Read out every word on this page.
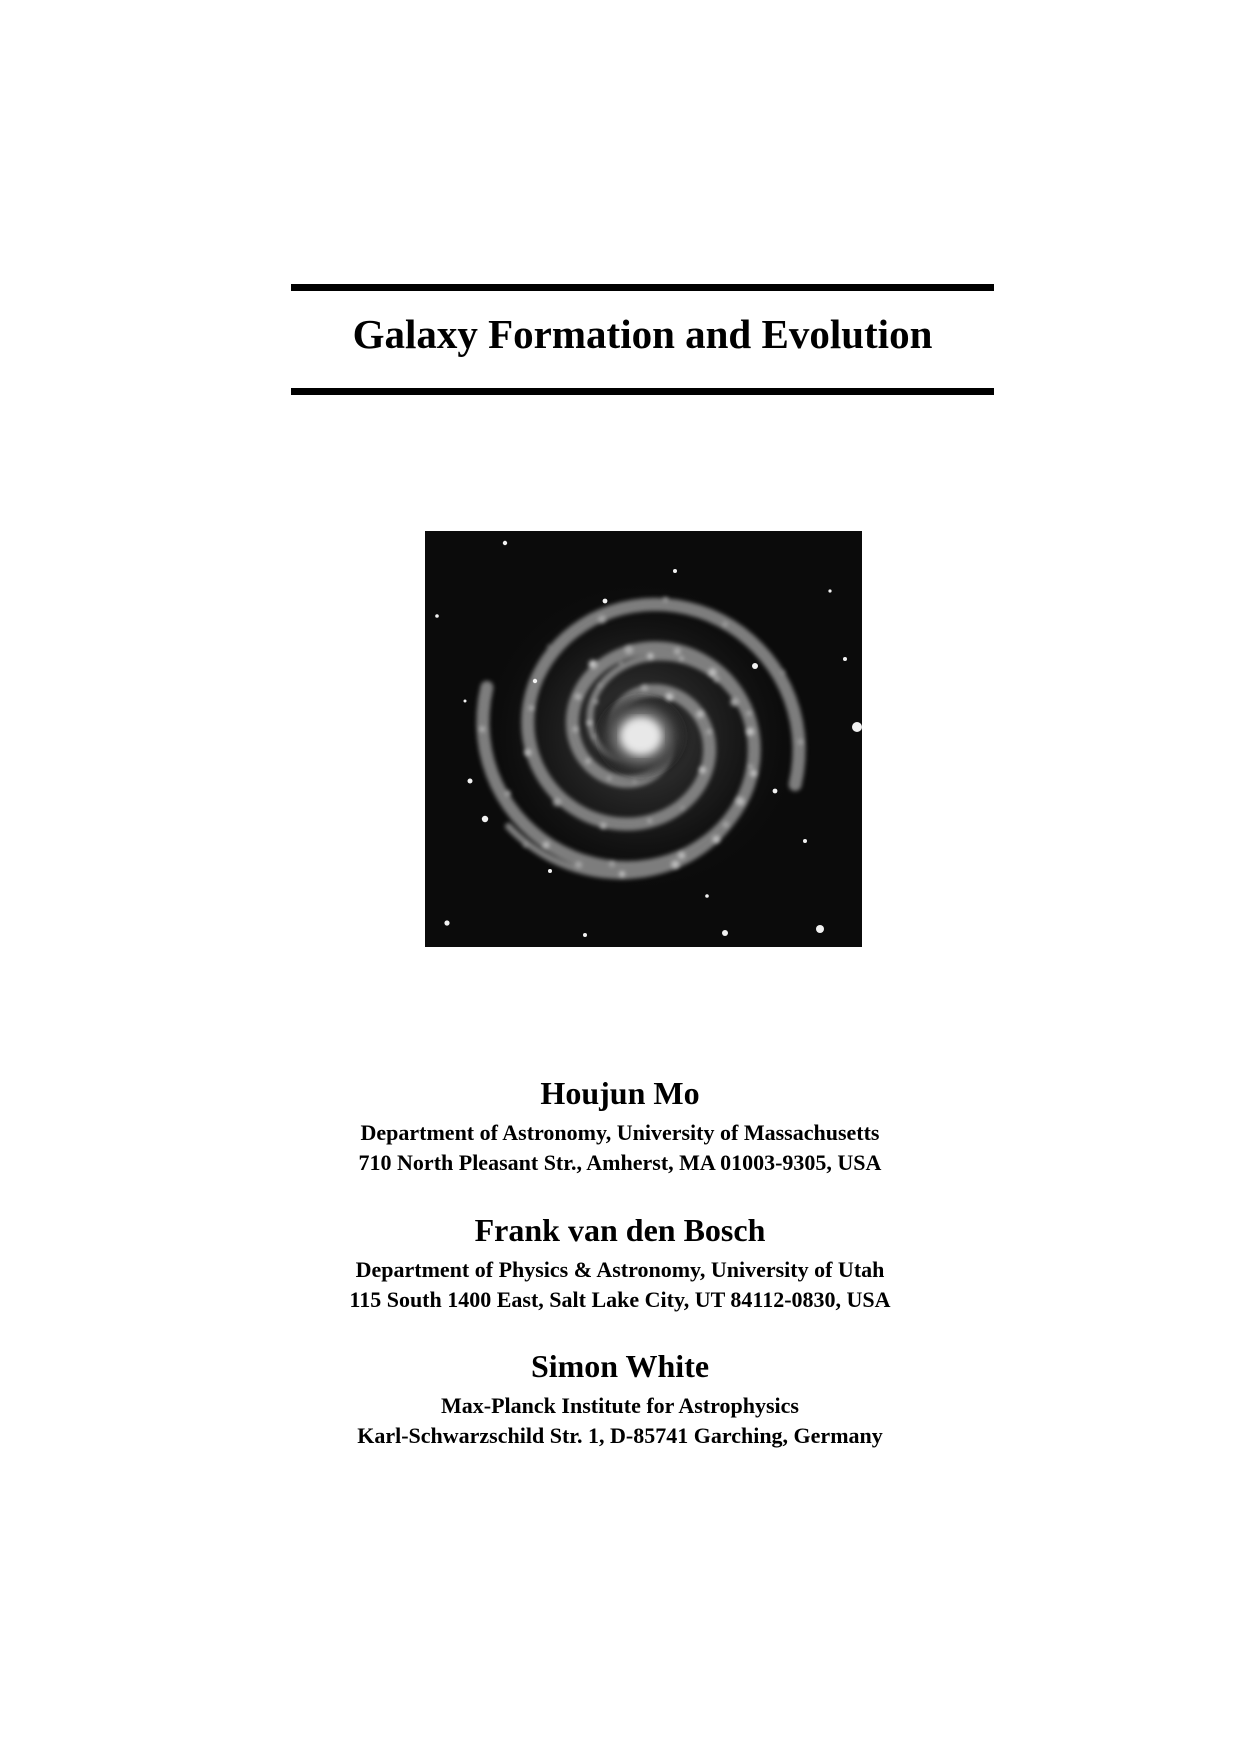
Galaxy Formation and Evolution

Houjun Mo

Department of Astronomy, University of Massachusetts

710 North Pleasant Str., Amherst, MA 01003-9305, USA

Frank van den Bosch

Department of Physics & Astronomy, University of Utah

115 South 1400 East, Salt Lake City, UT 84112-0830, USA

Simon White

Max-Planck Institute for Astrophysics

Karl-Schwarzschild Str. 1, D-85741 Garching, Germany
